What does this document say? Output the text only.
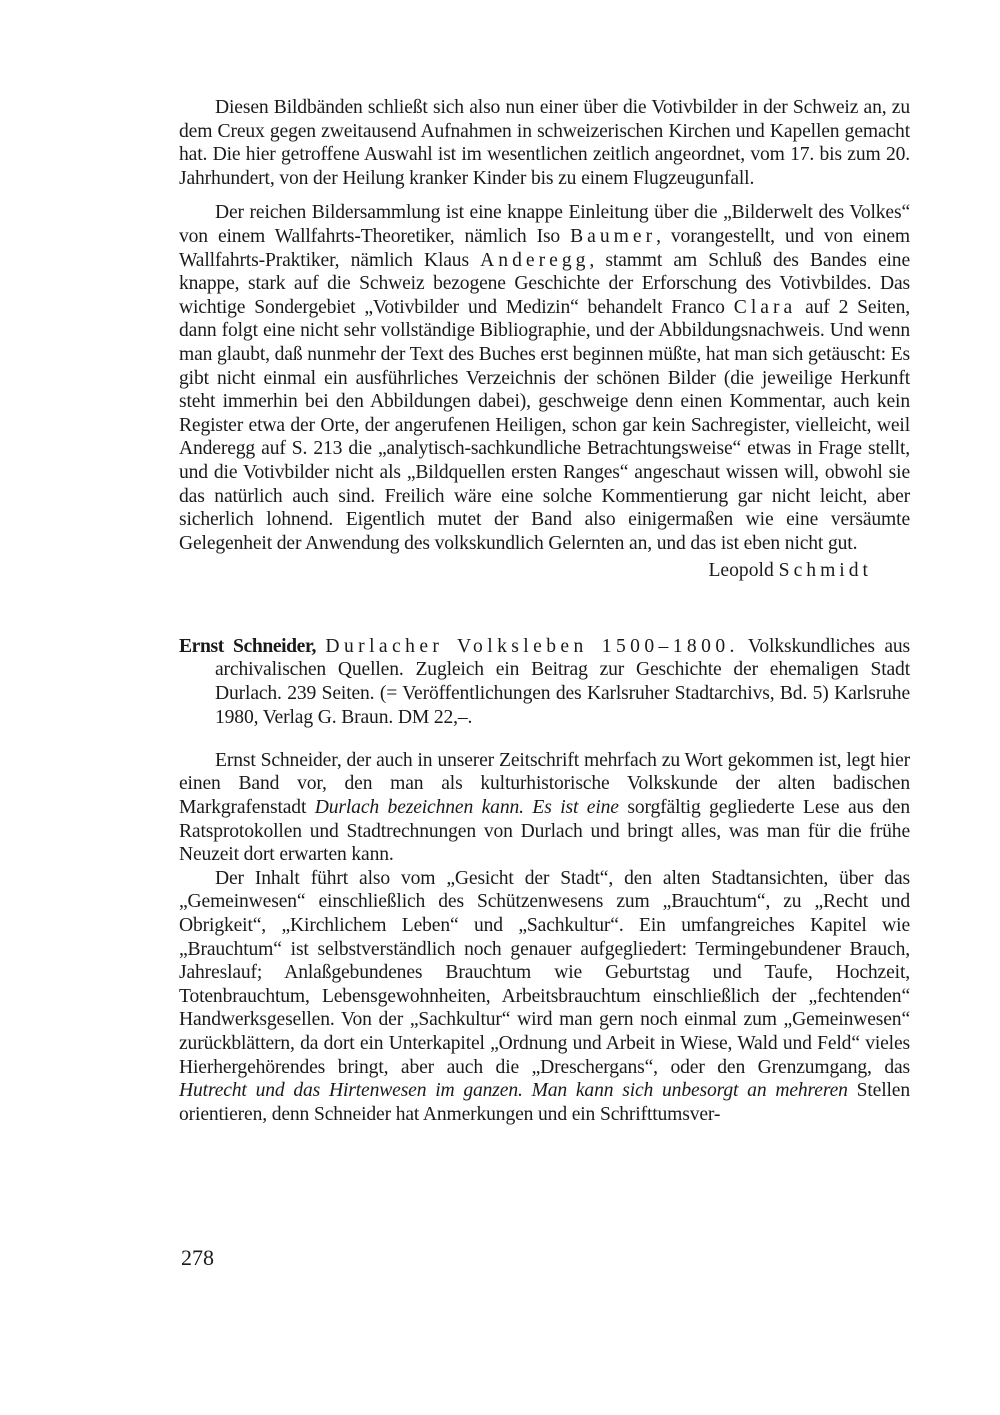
Diesen Bildbänden schließt sich also nun einer über die Votivbilder in der Schweiz an, zu dem Creux gegen zweitausend Aufnahmen in schweizerischen Kirchen und Kapellen gemacht hat. Die hier getroffene Auswahl ist im wesentlichen zeitlich angeordnet, vom 17. bis zum 20. Jahrhundert, von der Heilung kranker Kinder bis zu einem Flugzeugunfall.

Der reichen Bildersammlung ist eine knappe Einleitung über die „Bilderwelt des Volkes“ von einem Wallfahrts-Theoretiker, nämlich Iso Baumer, vorangestellt, und von einem Wallfahrts-Praktiker, nämlich Klaus Anderegg, stammt am Schluß des Bandes eine knappe, stark auf die Schweiz bezogene Geschichte der Erforschung des Votivbildes. Das wichtige Sondergebiet „Votivbilder und Medizin“ behandelt Franco Clara auf 2 Seiten, dann folgt eine nicht sehr vollständige Bibliographie, und der Abbildungsnachweis. Und wenn man glaubt, daß nunmehr der Text des Buches erst beginnen müßte, hat man sich getäuscht: Es gibt nicht einmal ein ausführliches Verzeichnis der schönen Bilder (die jeweilige Herkunft steht immerhin bei den Abbildungen dabei), geschweige denn einen Kommentar, auch kein Register etwa der Orte, der angerufenen Heiligen, schon gar kein Sachregister, vielleicht, weil Anderegg auf S. 213 die „analytisch-sachkundliche Betrachtungsweise“ etwas in Frage stellt, und die Votivbilder nicht als „Bildquellen ersten Ranges“ angeschaut wissen will, obwohl sie das natürlich auch sind. Freilich wäre eine solche Kommentierung gar nicht leicht, aber sicherlich lohnend. Eigentlich mutet der Band also einigermaßen wie eine versäumte Gelegenheit der Anwendung des volkskundlich Gelernten an, und das ist eben nicht gut.

Leopold Schmidt

Ernst Schneider, Durlacher Volksleben 1500–1800. Volkskundliches aus archivalischen Quellen. Zugleich ein Beitrag zur Geschichte der ehemaligen Stadt Durlach. 239 Seiten. (= Veröffentlichungen des Karlsruher Stadtarchivs, Bd. 5) Karlsruhe 1980, Verlag G. Braun. DM 22,–.

Ernst Schneider, der auch in unserer Zeitschrift mehrfach zu Wort gekommen ist, legt hier einen Band vor, den man als kulturhistorische Volkskunde der alten badischen Markgrafenstadt Durlach bezeichnen kann. Es ist eine sorgfältig gegliederte Lese aus den Ratsprotokollen und Stadtrechnungen von Durlach und bringt alles, was man für die frühe Neuzeit dort erwarten kann.

Der Inhalt führt also vom „Gesicht der Stadt“, den alten Stadtansichten, über das „Gemeinwesen“ einschließlich des Schützenwesens zum „Brauchtum“, zu „Recht und Obrigkeit“, „Kirchlichem Leben“ und „Sachkultur“. Ein umfangreiches Kapitel wie „Brauchtum“ ist selbstverständlich noch genauer aufgegliedert: Termingebundener Brauch, Jahreslauf; Anlaßgebundenes Brauchtum wie Geburtstag und Taufe, Hochzeit, Totenbrauchtum, Lebensgewohnheiten, Arbeitsbrauchtum einschließlich der „fechtenden“ Handwerksgesellen. Von der „Sachkultur“ wird man gern noch einmal zum „Gemeinwesen“ zurückblättern, da dort ein Unterkapitel „Ordnung und Arbeit in Wiese, Wald und Feld“ vieles Hierhergehörendes bringt, aber auch die „Dreschergans“, oder den Grenzumgang, das Hutrecht und das Hirtenwesen im ganzen. Man kann sich unbesorgt an mehreren Stellen orientieren, denn Schneider hat Anmerkungen und ein Schrifttumsver-

278
